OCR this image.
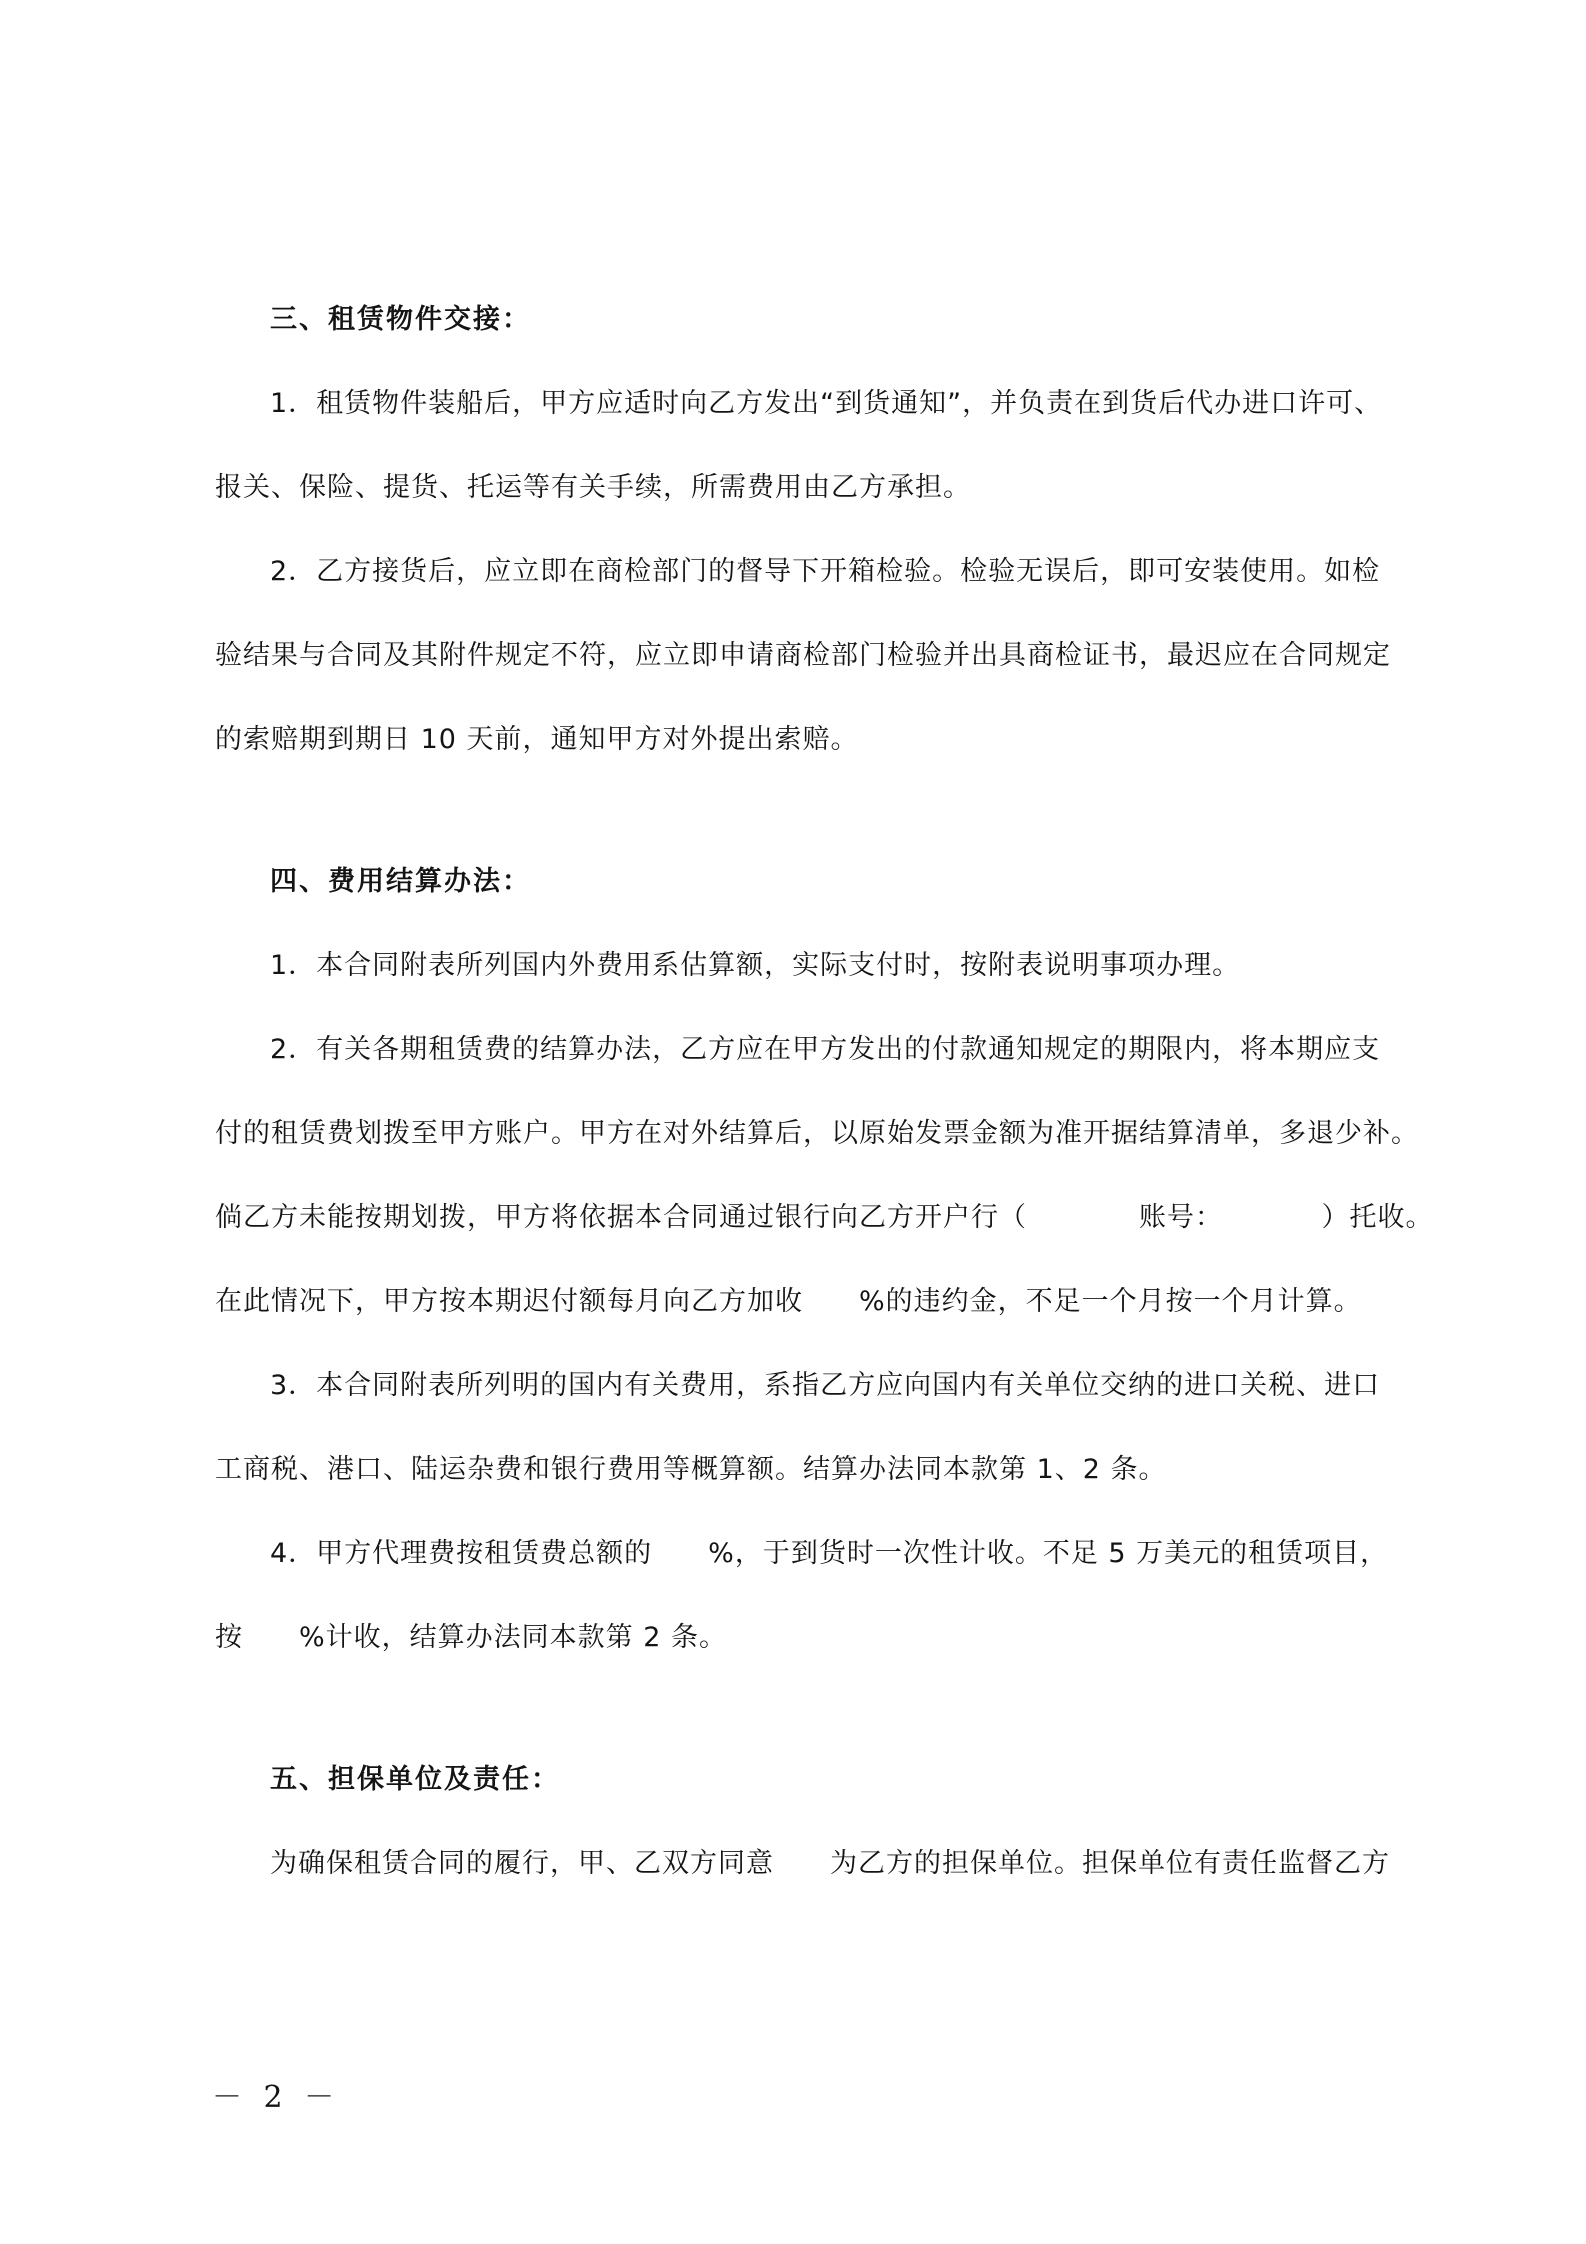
三、租赁物件交接：
1．租赁物件装船后，甲方应适时向乙方发出“到货通知”，并负责在到货后代办进口许可、
报关、保险、提货、托运等有关手续，所需费用由乙方承担。
2．乙方接货后，应立即在商检部门的督导下开箱检验。检验无误后，即可安装使用。如检
验结果与合同及其附件规定不符，应立即申请商检部门检验并出具商检证书，最迟应在合同规定
的索赔期到期日 10 天前，通知甲方对外提出索赔。
四、费用结算办法：
1．本合同附表所列国内外费用系估算额，实际支付时，按附表说明事项办理。
2．有关各期租赁费的结算办法，乙方应在甲方发出的付款通知规定的期限内，将本期应支
付的租赁费划拨至甲方账户。甲方在对外结算后，以原始发票金额为准开据结算清单，多退少补。
倘乙方未能按期划拨，甲方将依据本合同通过银行向乙方开户行（　　　　账号：　　　　）托收。
在此情况下，甲方按本期迟付额每月向乙方加收　　%的违约金，不足一个月按一个月计算。
3．本合同附表所列明的国内有关费用，系指乙方应向国内有关单位交纳的进口关税、进口
工商税、港口、陆运杂费和银行费用等概算额。结算办法同本款第 1、2 条。
4．甲方代理费按租赁费总额的　　%，于到货时一次性计收。不足 5 万美元的租赁项目，
按　　%计收，结算办法同本款第 2 条。
五、担保单位及责任：
为确保租赁合同的履行，甲、乙双方同意　　为乙方的担保单位。担保单位有责任监督乙方
－ 2 －
